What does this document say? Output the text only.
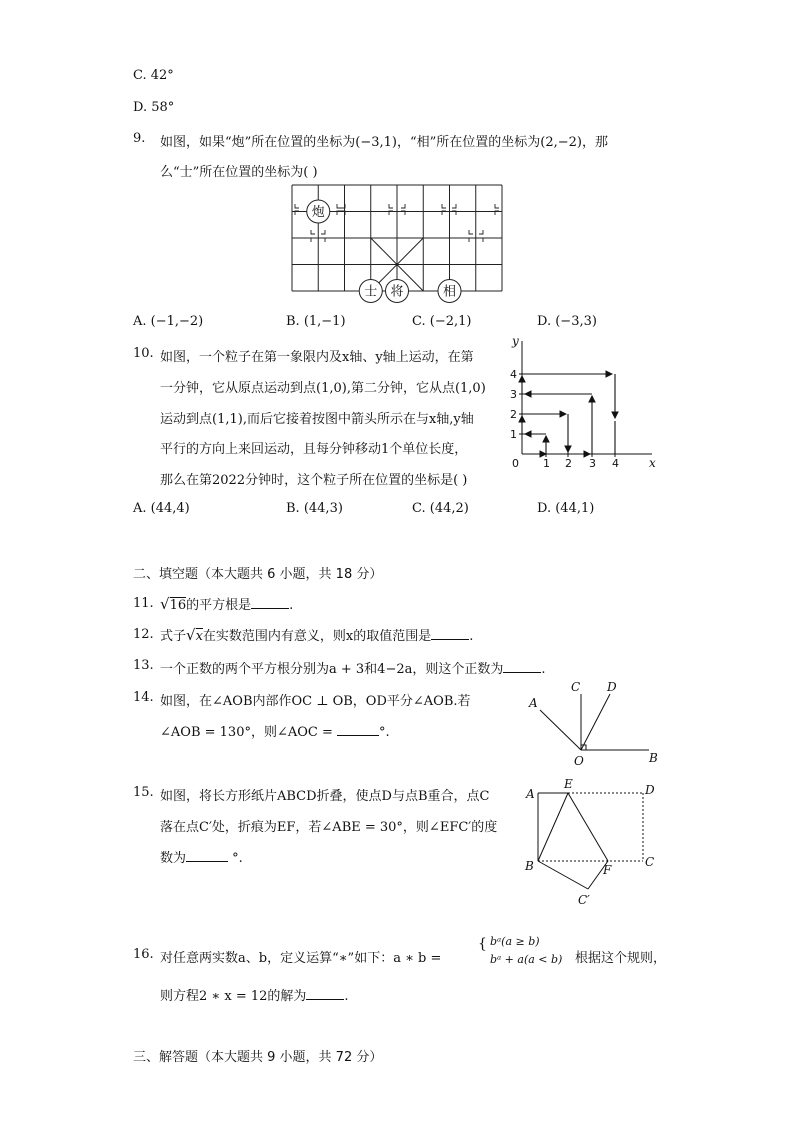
C. 42°
D. 58°
9. 如图，如果“炮”所在位置的坐标为(−3,1)，“相”所在位置的坐标为(2,−2)，那
么“士”所在位置的坐标为( )
炮
士 将	相
A. (−1,−2)	B. (1,−1)	C. (−2,1)	D. (−3,3)
10. 如图，一个粒子在第一象限内及x轴、y轴上运动，在第
一分钟，它从原点运动到点(1,0),第二分钟，它从点(1,0)
运动到点(1,1),而后它接着按图中箭头所示在与x轴,y轴
平行的方向上来回运动，且每分钟移动1个单位长度，
那么在第2022分钟时，这个粒子所在位置的坐标是( )
0 1 2 3 4
1
2
3
4
x
y
A. (44,4)	B. (44,3)	C. (44,2)	D. (44,1)
二、填空题（本大题共 6 小题，共 18 分）
11. √16的平方根是	.
12. 式子√x在实数范围内有意义，则x的取值范围是	.
13. 一个正数的两个平方根分别为a + 3和4−2a，则这个正数为	.
14. 如图，在∠AOB内部作OC ⊥ OB，OD平分∠AOB.若
∠AOB = 130°，则∠AOC =	°.
A
C D
O	B
15. 如图，将长方形纸片ABCD折叠，使点D与点B重合，点C
落在点C′处，折痕为EF，若∠ABE = 30°，则∠EFC′的度
数为	°.
A
E	D
B	F
C
C′
16. 对任意两实数a、b，定义运算“∗”如下：a ∗ b =
{ bᵃ(a ≥ b)
bᵃ + a(a < b) 根据这个规则，
则方程2 ∗ x = 12的解为	.
三、解答题（本大题共 9 小题，共 72 分）
